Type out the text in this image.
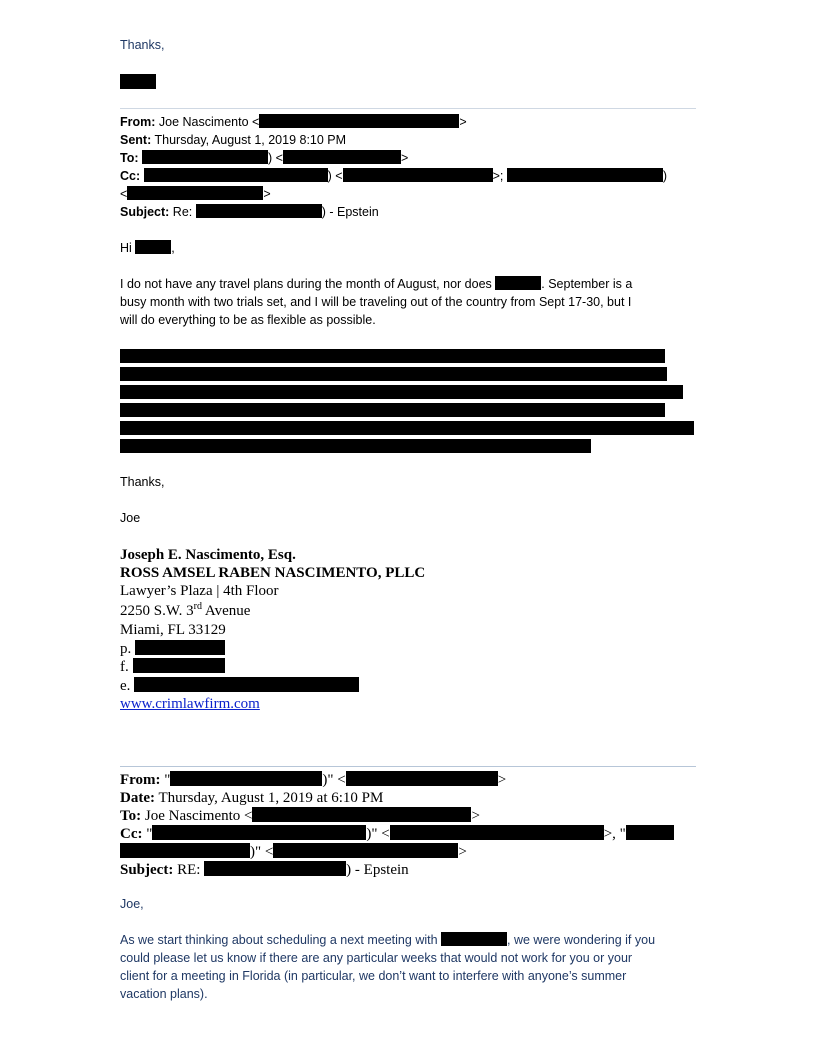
Thanks,
From: Joe Nascimento <	>
Sent: Thursday, August 1, 2019 8:10 PM
To:	) <	>
Cc:	) <	>;	)
<	>
Subject: Re:	) - Epstein
Hi	,
I do not have any travel plans during the month of August, nor does	. September is a
busy month with two trials set, and I will be traveling out of the country from Sept 17-30, but I
will do everything to be as flexible as possible.
Thanks,
Joe
Joseph E. Nascimento, Esq.
ROSS AMSEL RABEN NASCIMENTO, PLLC
Lawyer’s Plaza | 4th Floor
2250 S.W. 3rd Avenue
Miami, FL 33129
p.
f.
e.
www.crimlawfirm.com
From: "	)" <	>
Date: Thursday, August 1, 2019 at 6:10 PM
To: Joe Nascimento <	>
Cc: "	)" <	>, "
)" <	>
Subject: RE:	) - Epstein
Joe,
As we start thinking about scheduling a next meeting with	, we were wondering if you
could please let us know if there are any particular weeks that would not work for you or your
client for a meeting in Florida (in particular, we don’t want to interfere with anyone’s summer
vacation plans).
